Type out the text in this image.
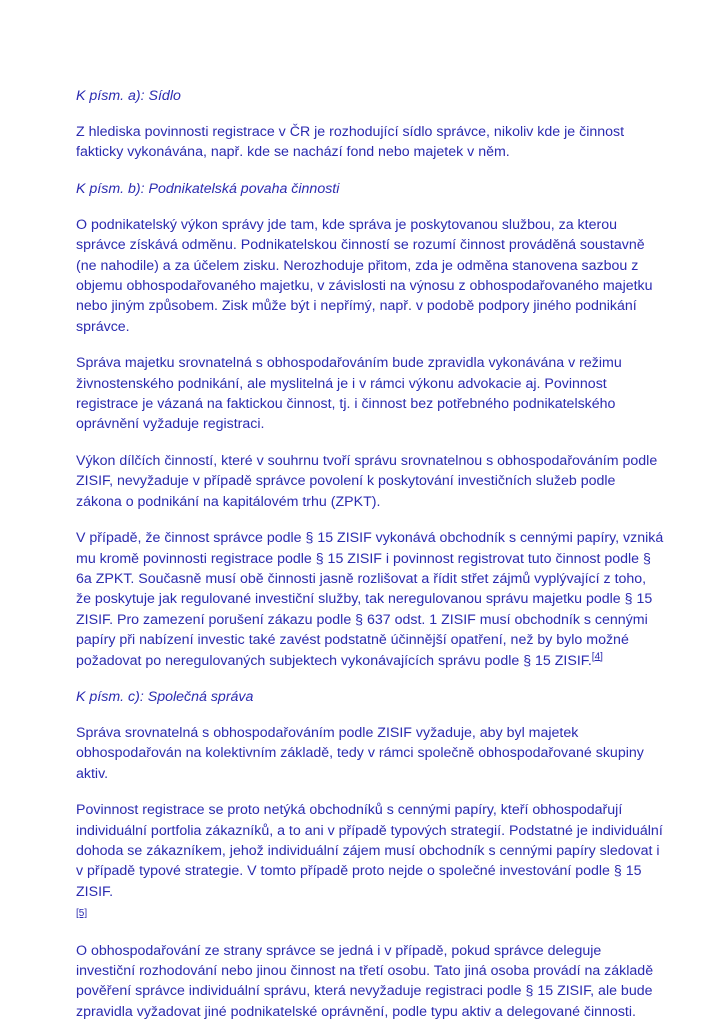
K písm. a): Sídlo

Z hlediska povinnosti registrace v ČR je rozhodující sídlo správce, nikoliv kde je činnost fakticky vykonávána, např. kde se nachází fond nebo majetek v něm.

K písm. b): Podnikatelská povaha činnosti

O podnikatelský výkon správy jde tam, kde správa je poskytovanou službou, za kterou správce získává odměnu. Podnikatelskou činností se rozumí činnost prováděná soustavně (ne nahodile) a za účelem zisku. Nerozhoduje přitom, zda je odměna stanovena sazbou z objemu obhospodařovaného majetku, v závislosti na výnosu z obhospodařovaného majetku nebo jiným způsobem. Zisk může být i nepřímý, např. v podobě podpory jiného podnikání správce.

Správa majetku srovnatelná s obhospodařováním bude zpravidla vykonávána v režimu živnostenského podnikání, ale myslitelná je i v rámci výkonu advokacie aj. Povinnost registrace je vázaná na faktickou činnost, tj. i činnost bez potřebného podnikatelského oprávnění vyžaduje registraci.

Výkon dílčích činností, které v souhrnu tvoří správu srovnatelnou s obhospodařováním podle ZISIF, nevyžaduje v případě správce povolení k poskytování investičních služeb podle zákona o podnikání na kapitálovém trhu (ZPKT).

V případě, že činnost správce podle § 15 ZISIF vykonává obchodník s cennými papíry, vzniká mu kromě povinnosti registrace podle § 15 ZISIF i povinnost registrovat tuto činnost podle § 6a ZPKT. Současně musí obě činnosti jasně rozlišovat a řídit střet zájmů vyplývající z toho, že poskytuje jak regulované investiční služby, tak neregulovanou správu majetku podle § 15 ZISIF. Pro zamezení porušení zákazu podle § 637 odst. 1 ZISIF musí obchodník s cennými papíry při nabízení investic také zavést podstatně účinnější opatření, než by bylo možné požadovat po neregulovaných subjektech vykonávajících správu podle § 15 ZISIF.[4]

K písm. c): Společná správa

Správa srovnatelná s obhospodařováním podle ZISIF vyžaduje, aby byl majetek obhospodařován na kolektivním základě, tedy v rámci společně obhospodařované skupiny aktiv.

Povinnost registrace se proto netýká obchodníků s cennými papíry, kteří obhospodařují individuální portfolia zákazníků, a to ani v případě typových strategií. Podstatné je individuální dohoda se zákazníkem, jehož individuální zájem musí obchodník s cennými papíry sledovat i v případě typové strategie. V tomto případě proto nejde o společné investování podle § 15 ZISIF.
[5]

O obhospodařování ze strany správce se jedná i v případě, pokud správce deleguje investiční rozhodování nebo jinou činnost na třetí osobu. Tato jiná osoba provádí na základě pověření správce individuální správu, která nevyžaduje registraci podle § 15 ZISIF, ale bude zpravidla vyžadovat jiné podnikatelské oprávnění, podle typu aktiv a delegované činnosti.
